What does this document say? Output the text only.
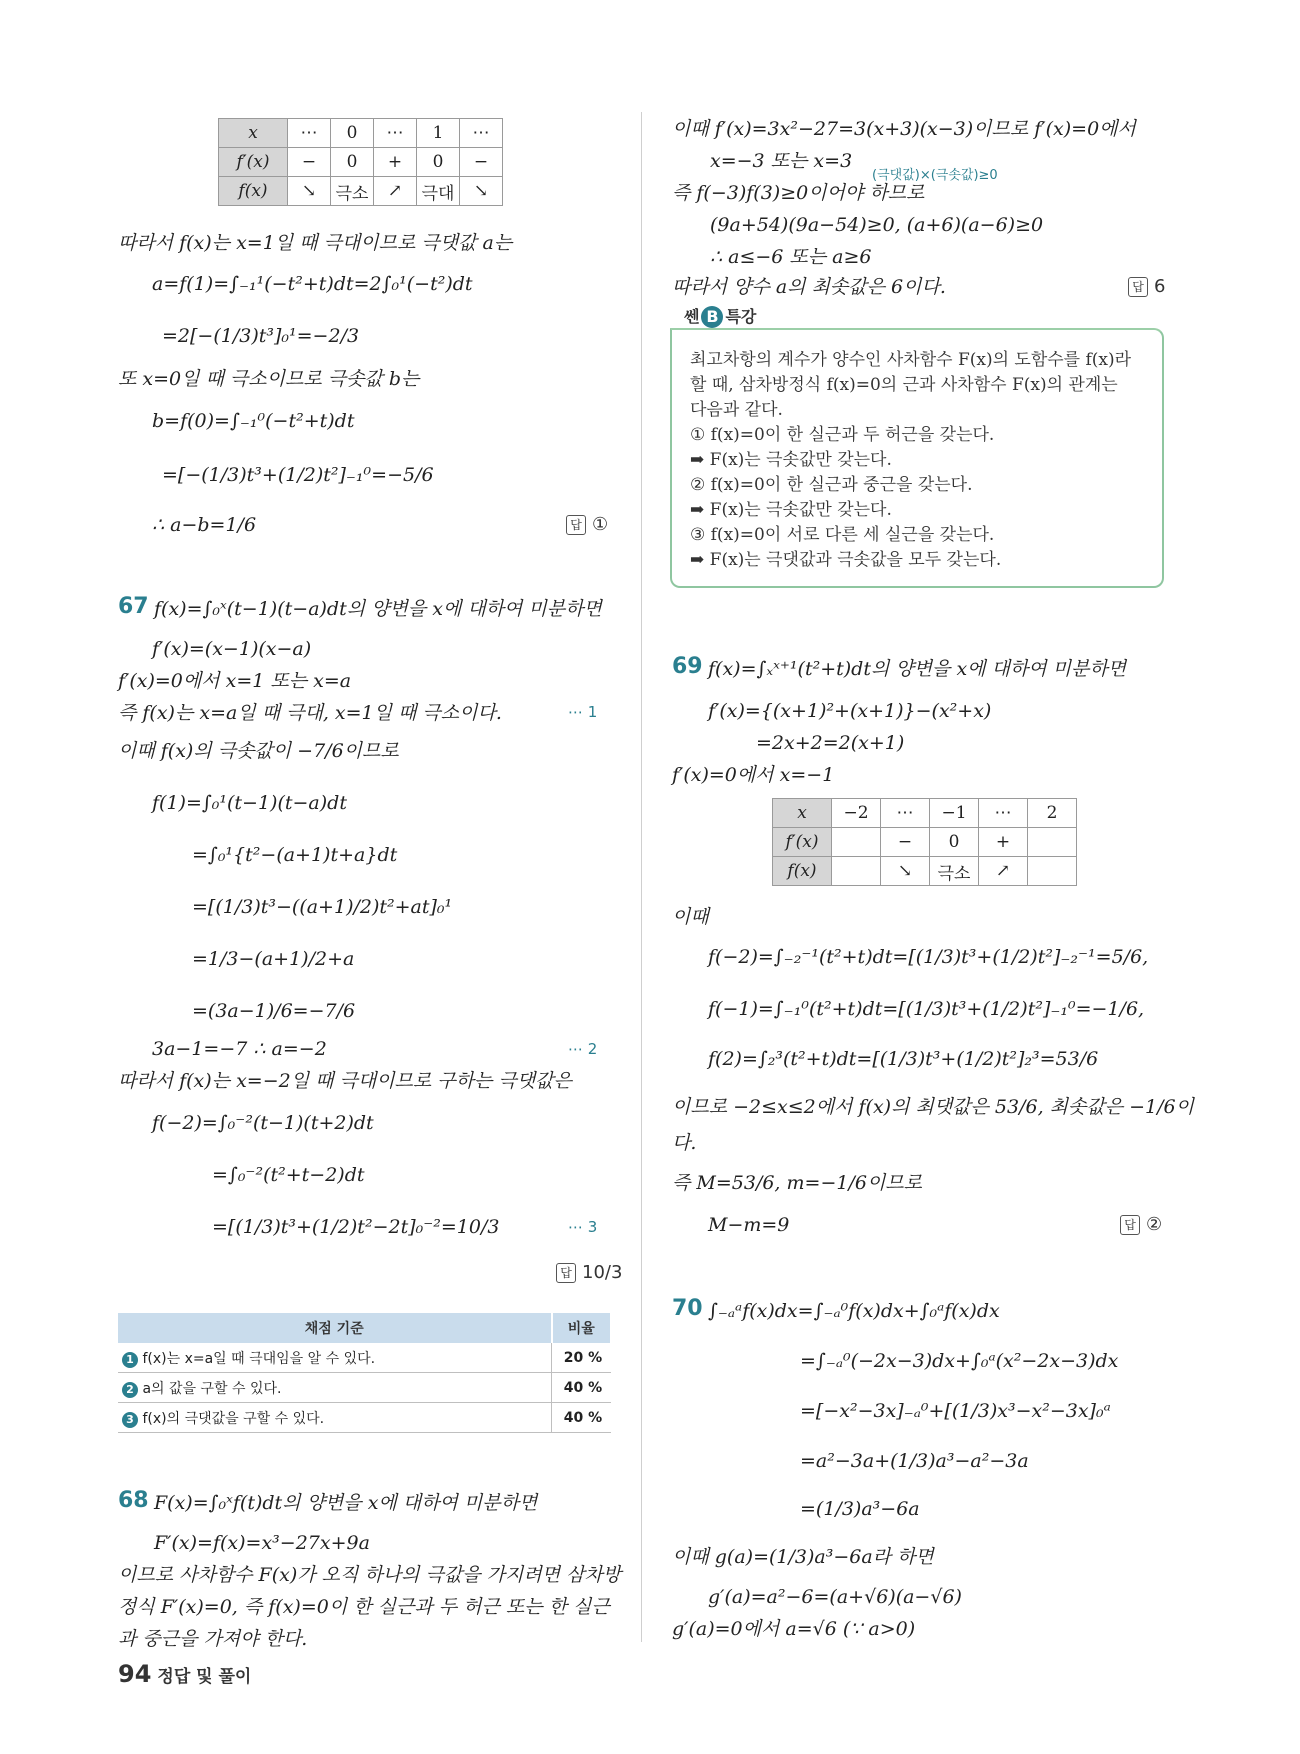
x	⋯	0	⋯	1	⋯
f′(x)	−	0	+	0	−
f(x)	↘	극소	↗	극대	↘
따라서 f(x)는 x=1일 때 극대이므로 극댓값 a는
a=f(1)=∫₋₁¹(−t²+t)dt=2∫₀¹(−t²)dt
=2[−(1/3)t³]₀¹=−2/3
또 x=0일 때 극소이므로 극솟값 b는
b=f(0)=∫₋₁⁰(−t²+t)dt
=[−(1/3)t³+(1/2)t²]₋₁⁰=−5/6
∴ a−b=1/6	답 ①
67 f(x)=∫₀ˣ(t−1)(t−a)dt의 양변을 x에 대하여 미분하면
f′(x)=(x−1)(x−a)
f′(x)=0에서 x=1 또는 x=a
즉 f(x)는 x=a일 때 극대, x=1일 때 극소이다.	⋯ 1
이때 f(x)의 극솟값이 −7/6이므로
f(1)=∫₀¹(t−1)(t−a)dt
=∫₀¹{t²−(a+1)t+a}dt
=[(1/3)t³−((a+1)/2)t²+at]₀¹
=1/3−(a+1)/2+a
=(3a−1)/6=−7/6
3a−1=−7 ∴ a=−2	⋯ 2
따라서 f(x)는 x=−2일 때 극대이므로 구하는 극댓값은
f(−2)=∫₀⁻²(t−1)(t+2)dt
=∫₀⁻²(t²+t−2)dt
=[(1/3)t³+(1/2)t²−2t]₀⁻²=10/3	⋯ 3
답 10/3
채점 기준	비율
1 f(x)는 x=a일 때 극대임을 알 수 있다.	20 %
2 a의 값을 구할 수 있다.	40 %
3 f(x)의 극댓값을 구할 수 있다.	40 %
68 F(x)=∫₀ˣf(t)dt의 양변을 x에 대하여 미분하면
F′(x)=f(x)=x³−27x+9a
이므로 사차함수 F(x)가 오직 하나의 극값을 가지려면 삼차방
정식 F′(x)=0, 즉 f(x)=0이 한 실근과 두 허근 또는 한 실근
과 중근을 가져야 한다.
94 정답 및 풀이
이때 f′(x)=3x²−27=3(x+3)(x−3)이므로 f′(x)=0에서
x=−3 또는 x=3
(극댓값)×(극솟값)≥0
즉 f(−3)f(3)≥0이어야 하므로
(9a+54)(9a−54)≥0, (a+6)(a−6)≥0
∴ a≤−6 또는 a≥6
따라서 양수 a의 최솟값은 6이다.	답 6
쎈 B 특강
최고차항의 계수가 양수인 사차함수 F(x)의 도함수를 f(x)라
할 때, 삼차방정식 f(x)=0의 근과 사차함수 F(x)의 관계는
다음과 같다.
① f(x)=0이 한 실근과 두 허근을 갖는다.
➡ F(x)는 극솟값만 갖는다.
② f(x)=0이 한 실근과 중근을 갖는다.
➡ F(x)는 극솟값만 갖는다.
③ f(x)=0이 서로 다른 세 실근을 갖는다.
➡ F(x)는 극댓값과 극솟값을 모두 갖는다.
69 f(x)=∫ₓˣ⁺¹(t²+t)dt의 양변을 x에 대하여 미분하면
f′(x)={(x+1)²+(x+1)}−(x²+x)
=2x+2=2(x+1)
f′(x)=0에서 x=−1
x	−2	⋯	−1	⋯	2
f′(x)		−	0	+	
f(x)		↘	극소	↗	
이때
f(−2)=∫₋₂⁻¹(t²+t)dt=[(1/3)t³+(1/2)t²]₋₂⁻¹=5/6,
f(−1)=∫₋₁⁰(t²+t)dt=[(1/3)t³+(1/2)t²]₋₁⁰=−1/6,
f(2)=∫₂³(t²+t)dt=[(1/3)t³+(1/2)t²]₂³=53/6
이므로 −2≤x≤2에서 f(x)의 최댓값은 53/6, 최솟값은 −1/6이
다.
즉 M=53/6, m=−1/6이므로
M−m=9	답 ②
70 ∫₋ₐᵃf(x)dx=∫₋ₐ⁰f(x)dx+∫₀ᵃf(x)dx
=∫₋ₐ⁰(−2x−3)dx+∫₀ᵃ(x²−2x−3)dx
=[−x²−3x]₋ₐ⁰+[(1/3)x³−x²−3x]₀ᵃ
=a²−3a+(1/3)a³−a²−3a
=(1/3)a³−6a
이때 g(a)=(1/3)a³−6a라 하면
g′(a)=a²−6=(a+√6)(a−√6)
g′(a)=0에서 a=√6 (∵ a>0)
